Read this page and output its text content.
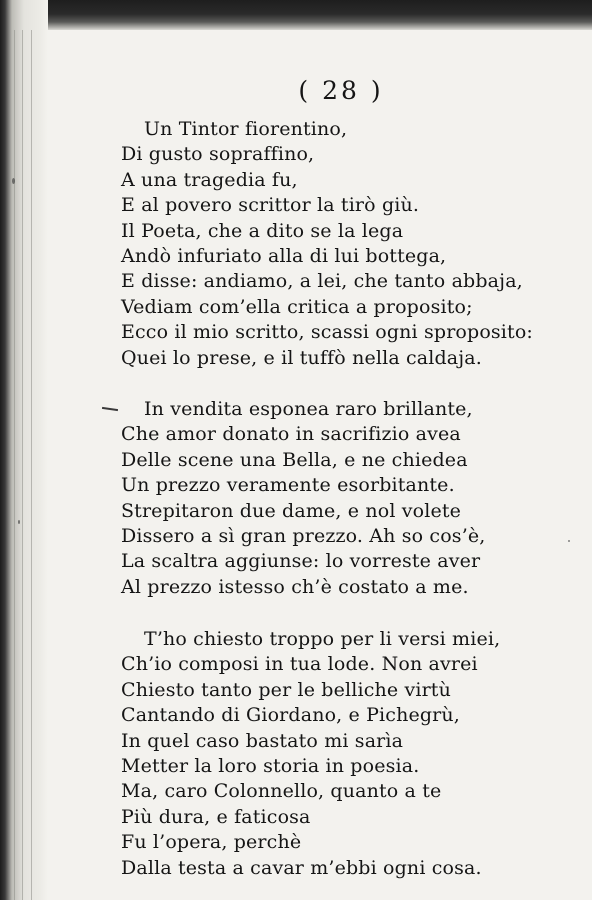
( 28 )
Un Tintor fiorentino,
Di gusto sopraffino,
A una tragedia fu,
E al povero scrittor la tirò giù.
Il Poeta, che a dito se la lega
Andò infuriato alla di lui bottega,
E disse: andiamo, a lei, che tanto abbaja,
Vediam com’ella critica a proposito;
Ecco il mio scritto, scassi ogni sproposito:
Quei lo prese, e il tuffò nella caldaja.
In vendita esponea raro brillante,
Che amor donato in sacrifizio avea
Delle scene una Bella, e ne chiedea
Un prezzo veramente esorbitante.
Strepitaron due dame, e nol volete
Dissero a sì gran prezzo. Ah so cos’è,
La scaltra aggiunse: lo vorreste aver
Al prezzo istesso ch’è costato a me.
T’ho chiesto troppo per li versi miei,
Ch’io composi in tua lode. Non avrei
Chiesto tanto per le belliche virtù
Cantando di Giordano, e Pichegrù,
In quel caso bastato mi sarìa
Metter la loro storia in poesia.
Ma, caro Colonnello, quanto a te
Più dura, e faticosa
Fu l’opera, perchè
Dalla testa a cavar m’ebbi ogni cosa.
